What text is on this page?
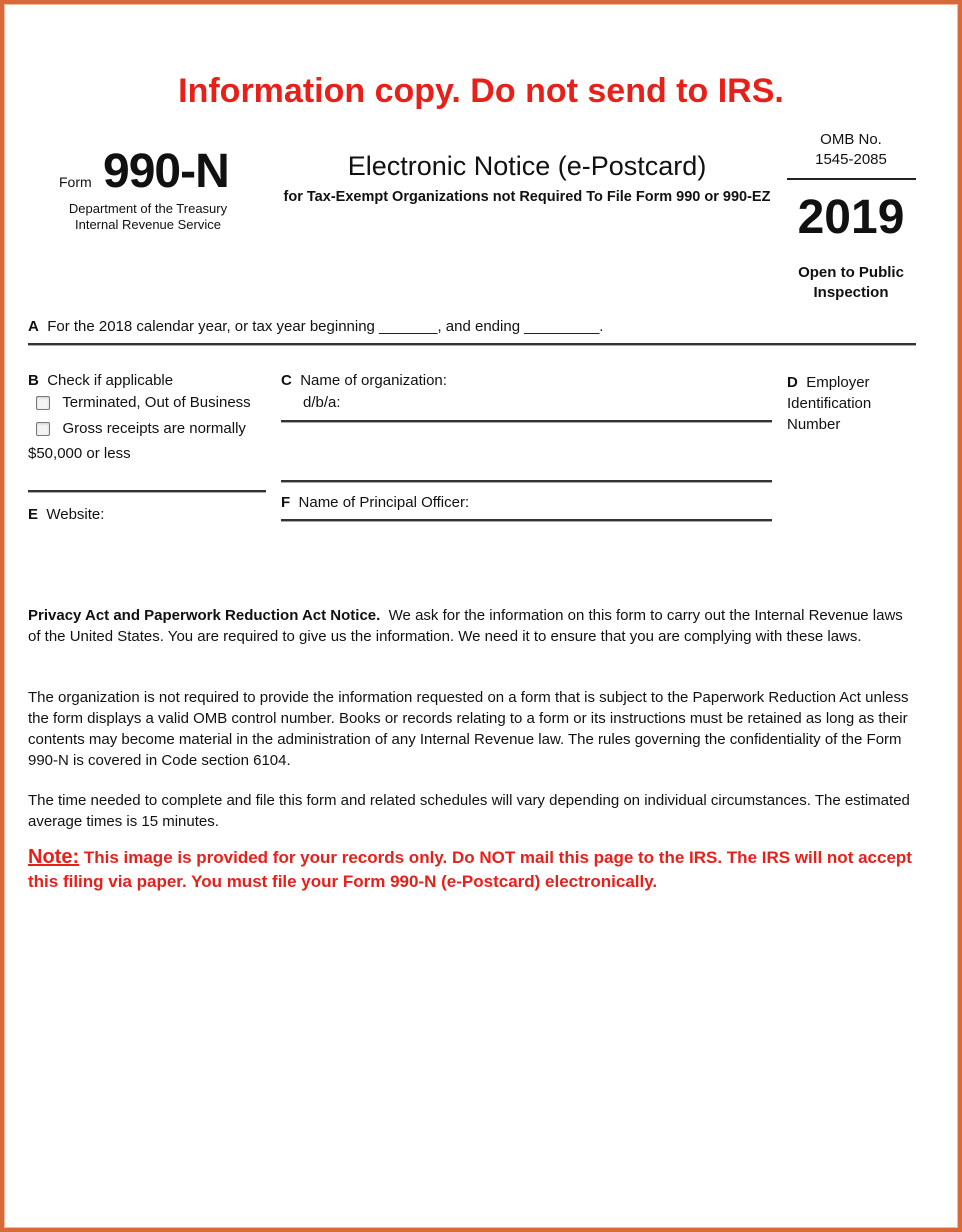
Information copy. Do not send to IRS.
Form 990-N
Department of the Treasury
Internal Revenue Service
Electronic Notice (e-Postcard)
for Tax-Exempt Organizations not Required To File Form 990 or 990-EZ
OMB No.
1545-2085
2019
Open to Public Inspection
A For the 2018 calendar year, or tax year beginning _______, and ending _________.
B Check if applicable
Terminated, Out of Business
Gross receipts are normally
$50,000 or less
C Name of organization:
d/b/a:
D Employer
Identification
Number
E Website:
F Name of Principal Officer:
Privacy Act and Paperwork Reduction Act Notice. We ask for the information on this form to carry out the Internal Revenue laws of the United States. You are required to give us the information. We need it to ensure that you are complying with these laws.
The organization is not required to provide the information requested on a form that is subject to the Paperwork Reduction Act unless the form displays a valid OMB control number. Books or records relating to a form or its instructions must be retained as long as their contents may become material in the administration of any Internal Revenue law. The rules governing the confidentiality of the Form 990-N is covered in Code section 6104.
The time needed to complete and file this form and related schedules will vary depending on individual circumstances. The estimated average times is 15 minutes.
Note: This image is provided for your records only. Do NOT mail this page to the IRS. The IRS will not accept this filing via paper. You must file your Form 990-N (e-Postcard) electronically.
